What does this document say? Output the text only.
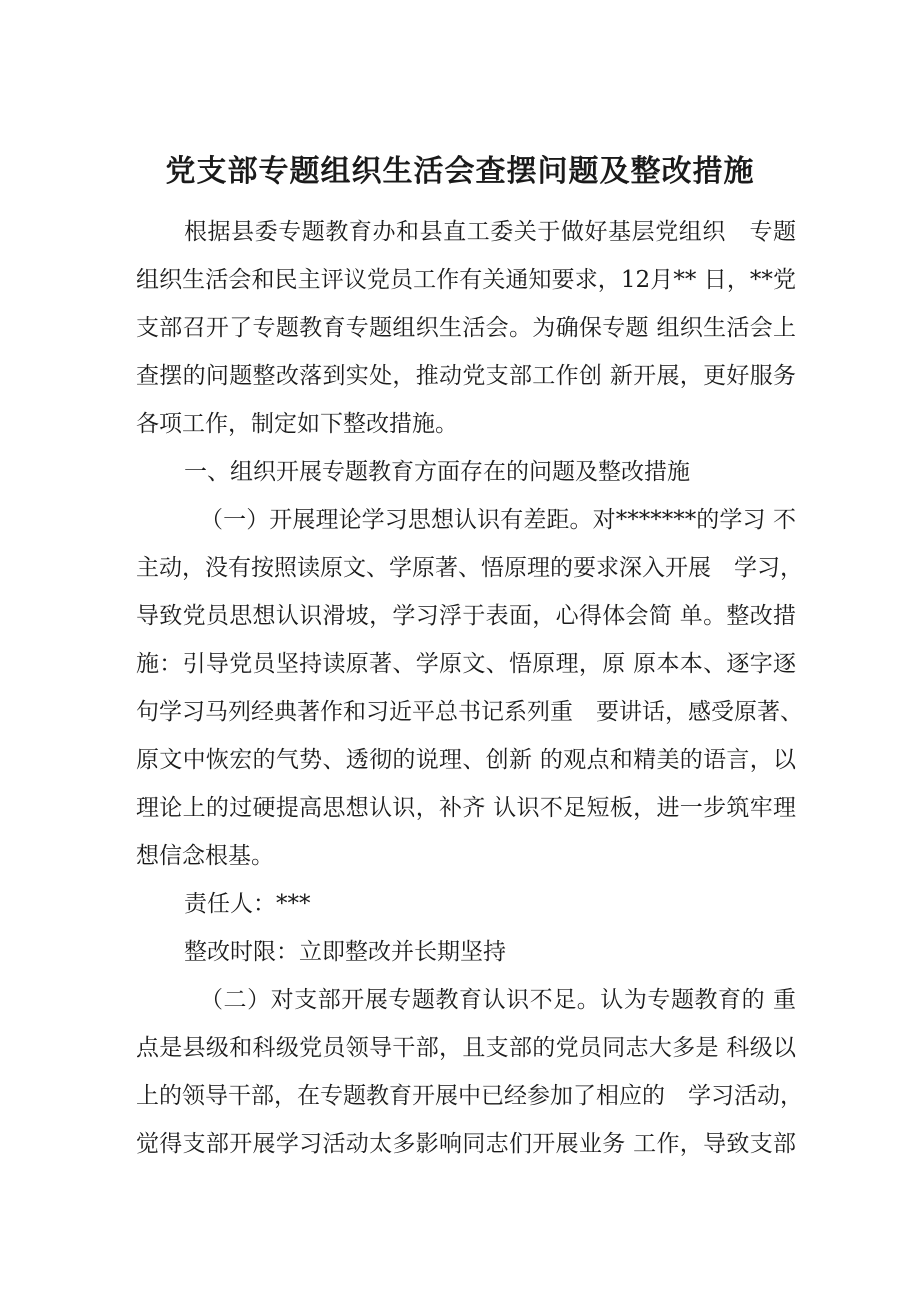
党支部专题组织生活会查摆问题及整改措施
根据县委专题教育办和县直工委关于做好基层党组织　专题
组织生活会和民主评议党员工作有关通知要求，12月** 日，**党
支部召开了专题教育专题组织生活会。为确保专题 组织生活会上
查摆的问题整改落到实处，推动党支部工作创 新开展，更好服务
各项工作，制定如下整改措施。
一、组织开展专题教育方面存在的问题及整改措施
（一）开展理论学习思想认识有差距。对*******的学习 不
主动，没有按照读原文、学原著、悟原理的要求深入开展　学习，
导致党员思想认识滑坡，学习浮于表面，心得体会简 单。整改措
施：引导党员坚持读原著、学原文、悟原理，原 原本本、逐字逐
句学习马列经典著作和习近平总书记系列重　要讲话，感受原著、
原文中恢宏的气势、透彻的说理、创新 的观点和精美的语言，以
理论上的过硬提高思想认识，补齐 认识不足短板，进一步筑牢理
想信念根基。
责任人：***
整改时限：立即整改并长期坚持
（二）对支部开展专题教育认识不足。认为专题教育的 重
点是县级和科级党员领导干部，且支部的党员同志大多是 科级以
上的领导干部，在专题教育开展中已经参加了相应的　学习活动，
觉得支部开展学习活动太多影响同志们开展业务 工作，导致支部
